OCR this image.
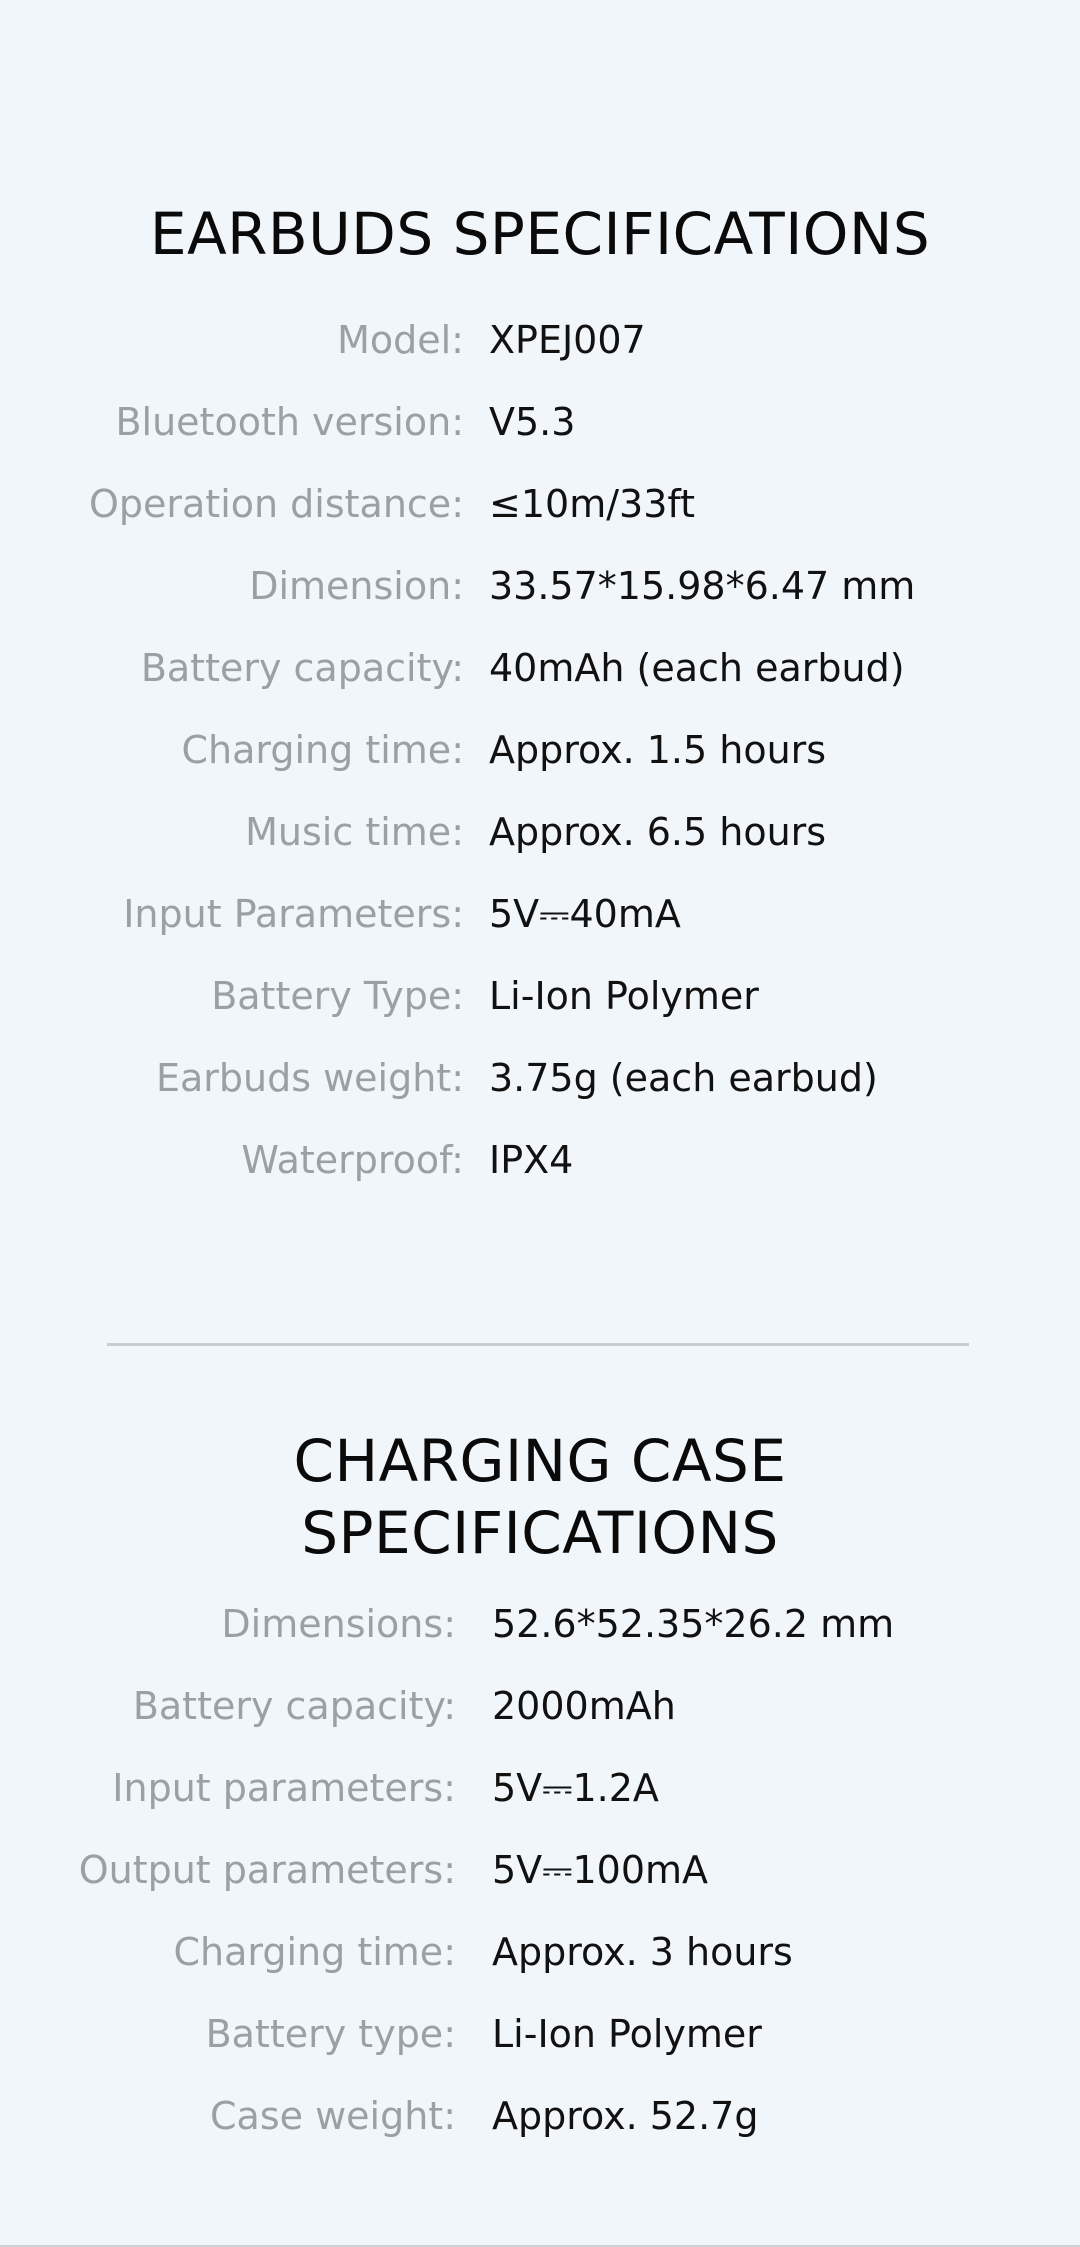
EARBUDS SPECIFICATIONS
Model: XPEJ007
Bluetooth version: V5.3
Operation distance: ≤10m/33ft
Dimension: 33.57*15.98*6.47 mm
Battery capacity: 40mAh (each earbud)
Charging time: Approx. 1.5 hours
Music time: Approx. 6.5 hours
Input Parameters: 5V⎓40mA
Battery Type: Li-Ion Polymer
Earbuds weight: 3.75g (each earbud)
Waterproof: IPX4
CHARGING CASE
SPECIFICATIONS
Dimensions: 52.6*52.35*26.2 mm
Battery capacity: 2000mAh
Input parameters: 5V⎓1.2A
Output parameters: 5V⎓100mA
Charging time: Approx. 3 hours
Battery type: Li-Ion Polymer
Case weight: Approx. 52.7g
